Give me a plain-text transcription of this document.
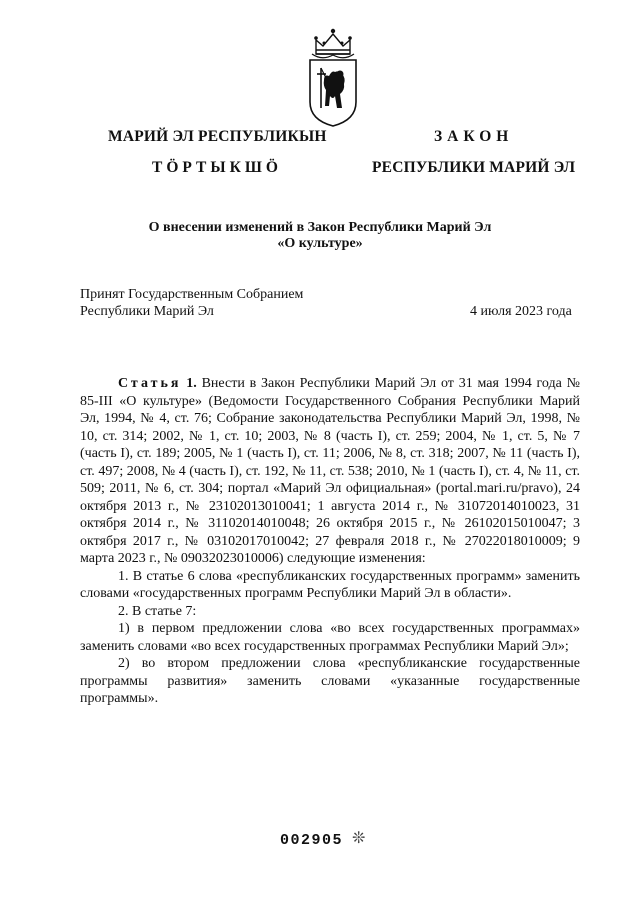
МАРИЙ ЭЛ РЕСПУБЛИКЫН
ТӦРТЫКШӦ
ЗАКОН
РЕСПУБЛИКИ МАРИЙ ЭЛ
О внесении изменений в Закон Республики Марий Эл
«О культуре»
Принят Государственным Собранием
Республики Марий Эл	4 июля 2023 года

Статья 1. Внести в Закон Республики Марий Эл от 31 мая 1994 года № 85-III «О культуре» (Ведомости Государственного Собрания Республики Марий Эл, 1994, № 4, ст. 76; Собрание законодательства Республики Марий Эл, 1998, № 10, ст. 314; 2002, № 1, ст. 10; 2003, № 8 (часть I), ст. 259; 2004, № 1, ст. 5, № 7 (часть I), ст. 189; 2005, № 1 (часть I), ст. 11; 2006, № 8, ст. 318; 2007, № 11 (часть I), ст. 497; 2008, № 4 (часть I), ст. 192, № 11, ст. 538; 2010, № 1 (часть I), ст. 4, № 11, ст. 509; 2011, № 6, ст. 304; портал «Марий Эл официальная» (portal.mari.ru/pravo), 24 октября 2013 г., № 23102013010041; 1 августа 2014 г., № 31072014010023, 31 октября 2014 г., № 31102014010048; 26 октября 2015 г., № 26102015010047; 3 октября 2017 г., № 03102017010042; 27 февраля 2018 г., № 27022018010009; 9 марта 2023 г., № 09032023010006) следующие изменения:

1. В статье 6 слова «республиканских государственных программ» заменить словами «государственных программ Республики Марий Эл в области».

2. В статье 7:

1) в первом предложении слова «во всех государственных программах» заменить словами «во всех государственных программах Республики Марий Эл»;

2) во втором предложении слова «республиканские государственные программы развития» заменить словами «указанные государственные программы».

002905 ❊
